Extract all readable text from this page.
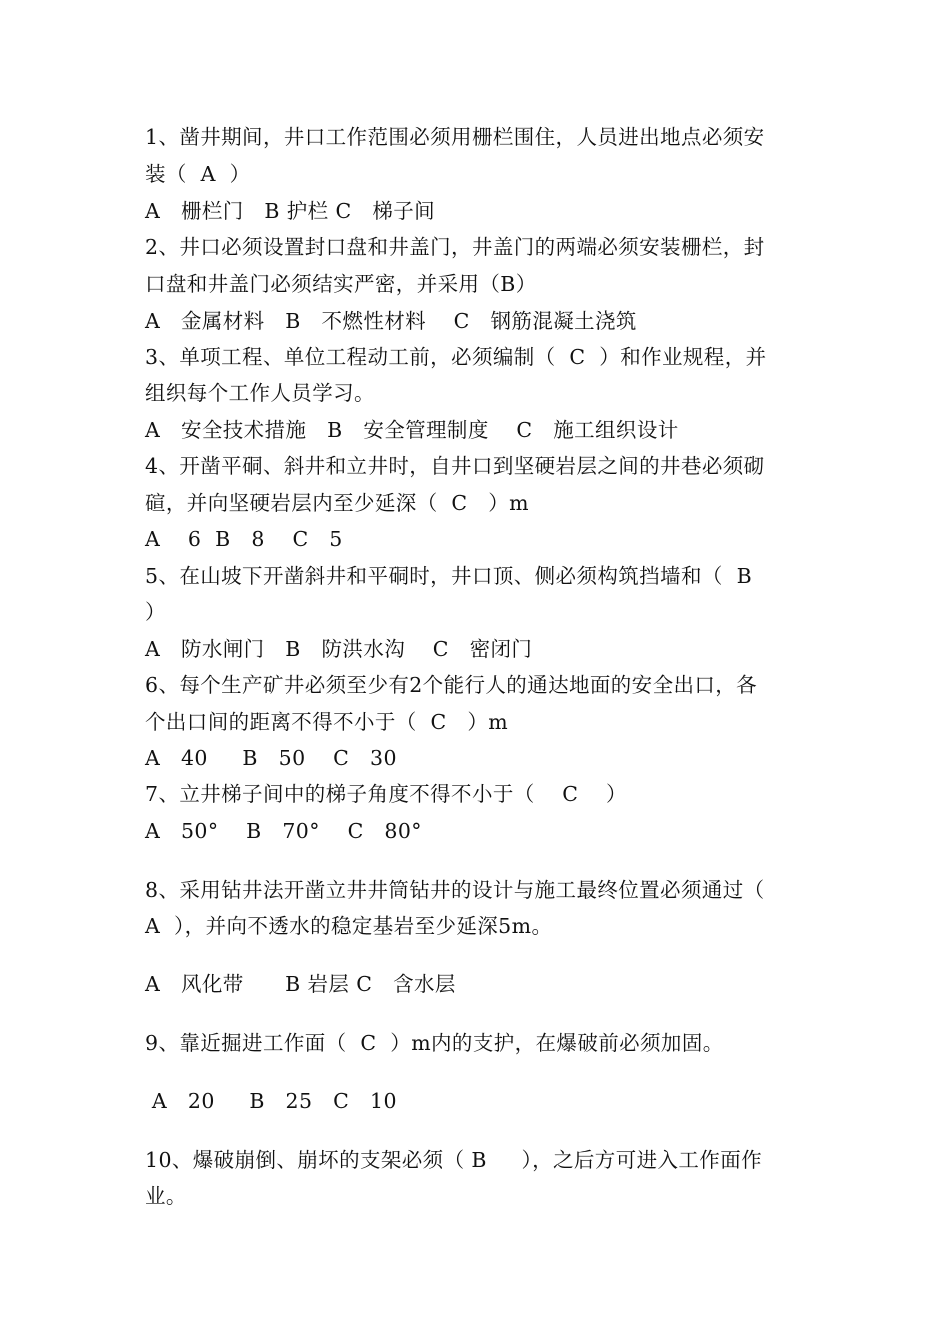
1、凿井期间，井口工作范围必须用栅栏围住，人员进出地点必须安
装（  A  ）
A   栅栏门   B 护栏 C   梯子间
2、井口必须设置封口盘和井盖门，井盖门的两端必须安装栅栏，封
口盘和井盖门必须结实严密，并采用（B）
A   金属材料   B   不燃性材料    C   钢筋混凝土浇筑
3、单项工程、单位工程动工前，必须编制（  C  ）和作业规程，并
组织每个工作人员学习。
A   安全技术措施   B   安全管理制度    C   施工组织设计
4、开凿平硐、斜井和立井时，自井口到坚硬岩层之间的井巷必须砌
碹，并向坚硬岩层内至少延深（  C   ）m
A    6  B   8    C   5
5、在山坡下开凿斜井和平硐时，井口顶、侧必须构筑挡墙和（  B
）
A   防水闸门   B   防洪水沟    C   密闭门
6、每个生产矿井必须至少有2个能行人的通达地面的安全出口，各
个出口间的距离不得不小于（  C   ）m
A   40     B   50    C   30
7、立井梯子间中的梯子角度不得不小于（    C    ）
A   50°    B   70°    C   80°
8、采用钻井法开凿立井井筒钻井的设计与施工最终位置必须通过（
A  ），并向不透水的稳定基岩至少延深5m。
A   风化带      B 岩层 C   含水层
9、靠近掘进工作面（  C  ）m内的支护，在爆破前必须加固。
A   20     B   25   C   10
10、爆破崩倒、崩坏的支架必须（ B     ），之后方可进入工作面作
业。
